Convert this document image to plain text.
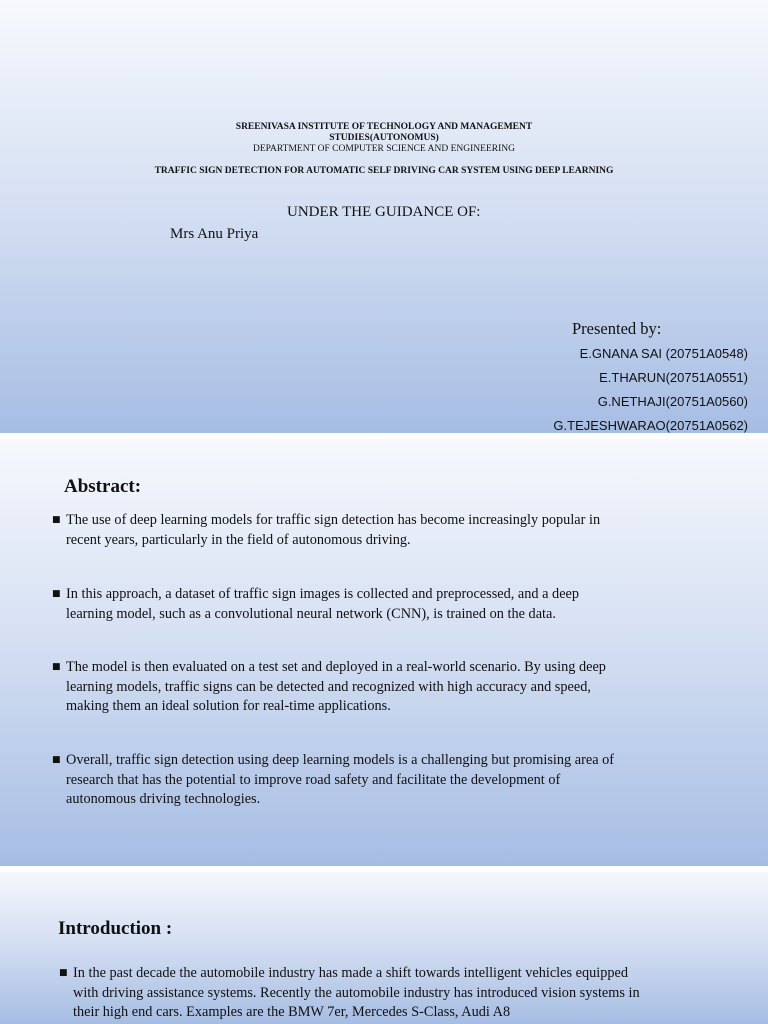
SREENIVASA INSTITUTE OF TECHNOLOGY AND MANAGEMENT
STUDIES(AUTONOMUS)
DEPARTMENT OF COMPUTER SCIENCE AND ENGINEERING
TRAFFIC SIGN DETECTION FOR AUTOMATIC SELF DRIVING CAR SYSTEM USING DEEP LEARNING
UNDER THE GUIDANCE OF:
Mrs Anu Priya
Presented by:
E.GNANA SAI (20751A0548)
E.THARUN(20751A0551)
G.NETHAJI(20751A0560)
G.TEJESHWARAO(20751A0562)
Abstract:
■ The use of deep learning models for traffic sign detection has become increasingly popular in
recent years, particularly in the field of autonomous driving.
■ In this approach, a dataset of traffic sign images is collected and preprocessed, and a deep
learning model, such as a convolutional neural network (CNN), is trained on the data.
■ The model is then evaluated on a test set and deployed in a real-world scenario. By using deep
learning models, traffic signs can be detected and recognized with high accuracy and speed,
making them an ideal solution for real-time applications.
■ Overall, traffic sign detection using deep learning models is a challenging but promising area of
research that has the potential to improve road safety and facilitate the development of
autonomous driving technologies.
Introduction :
■ In the past decade the automobile industry has made a shift towards intelligent vehicles equipped
with driving assistance systems. Recently the automobile industry has introduced vision systems in
their high end cars. Examples are the BMW 7er, Mercedes S-Class, Audi A8
